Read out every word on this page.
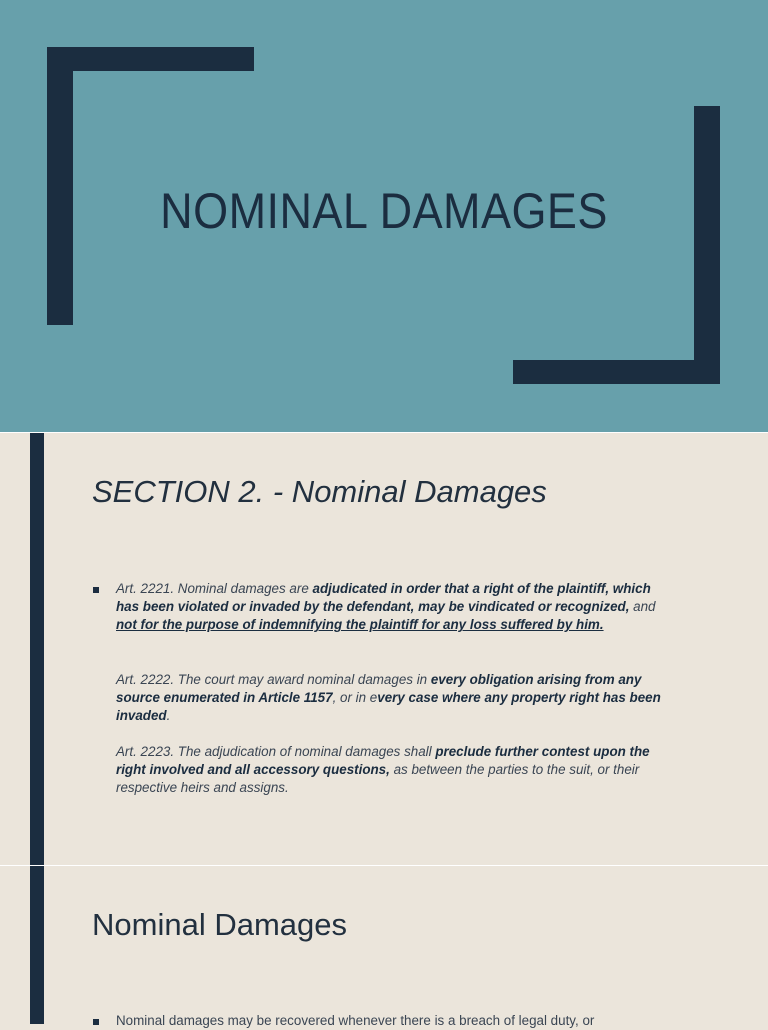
NOMINAL DAMAGES
SECTION 2. - Nominal Damages
Art. 2221. Nominal damages are adjudicated in order that a right of the plaintiff, which has been violated or invaded by the defendant, may be vindicated or recognized, and not for the purpose of indemnifying the plaintiff for any loss suffered by him.
Art. 2222. The court may award nominal damages in every obligation arising from any source enumerated in Article 1157, or in every case where any property right has been invaded.
Art. 2223. The adjudication of nominal damages shall preclude further contest upon the right involved and all accessory questions, as between the parties to the suit, or their respective heirs and assigns.
Nominal Damages
Nominal damages may be recovered whenever there is a breach of legal duty, or
